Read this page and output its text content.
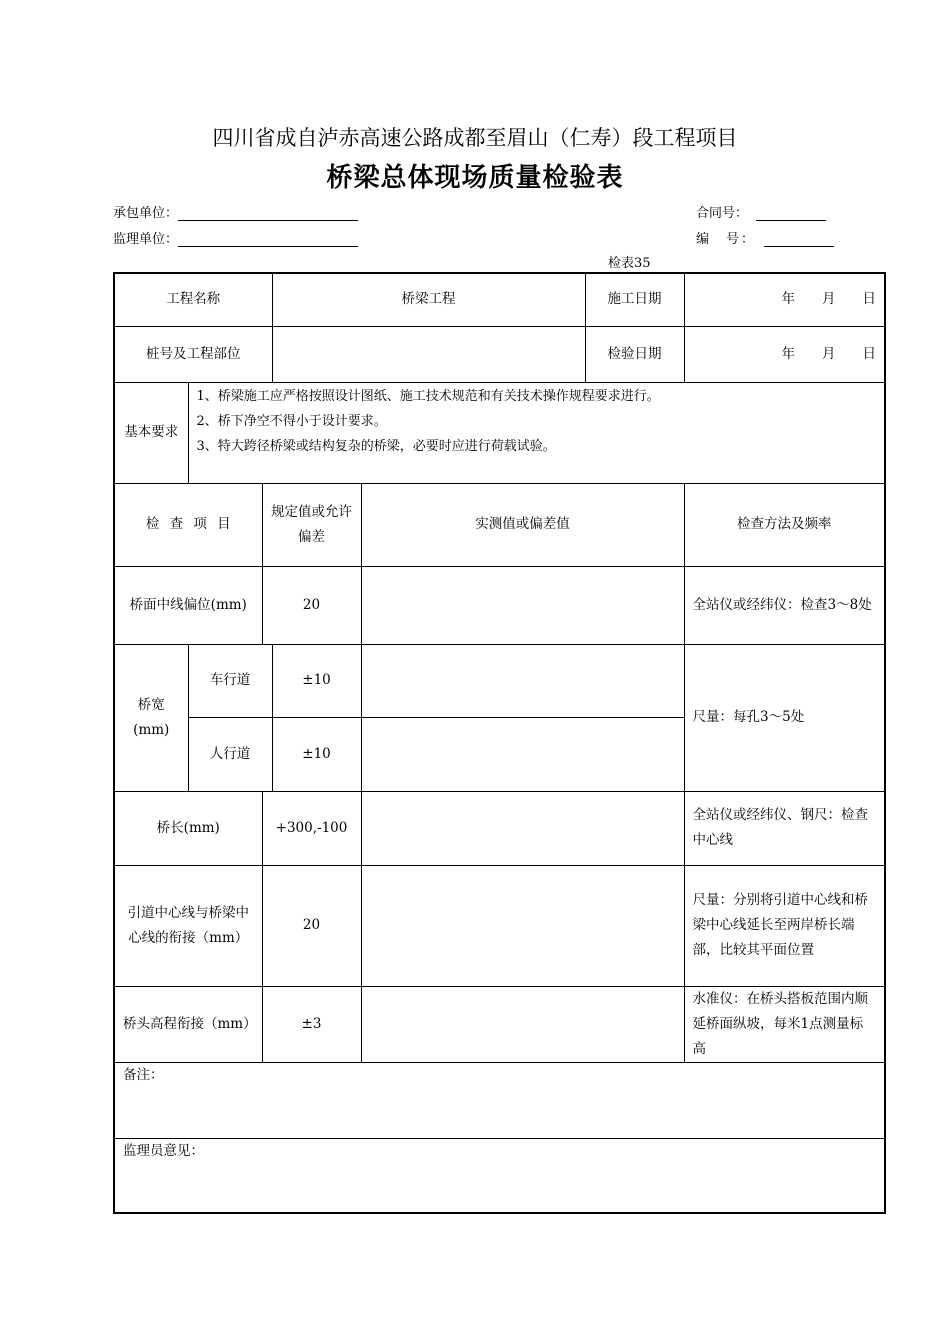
四川省成自泸赤高速公路成都至眉山（仁寿）段工程项目
桥梁总体现场质量检验表
承包单位：
监理单位：
合同号：
编　号：
检表35
工程名称			桥梁工程		施工日期	年　　月　　日
桩号及工程部位					检验日期	年　　月　　日
基本要求	1、桥梁施工应严格按照设计图纸、施工技术规范和有关技术操作规程要求进行。
2、桥下净空不得小于设计要求。
3、特大跨径桥梁或结构复杂的桥梁，必要时应进行荷载试验。					

检 查 项 目		规定值或允许偏差		实测值或偏差值		检查方法及频率
桥面中线偏位(mm)		20				全站仪或经纬仪：检查3～8处
桥宽(mm)	车行道		±10			尺量：每孔3～5处
	人行道		±10			
桥长(mm)		+300,-100				全站仪或经纬仪、钢尺：检查中心线
引道中心线与桥梁中心线的衔接（mm）		20				尺量：分别将引道中心线和桥梁中心线延长至两岸桥长端部，比较其平面位置
桥头高程衔接（mm）		±3				水准仪：在桥头搭板范围内顺延桥面纵坡，每米1点测量标高
备注：						
监理员意见：						
